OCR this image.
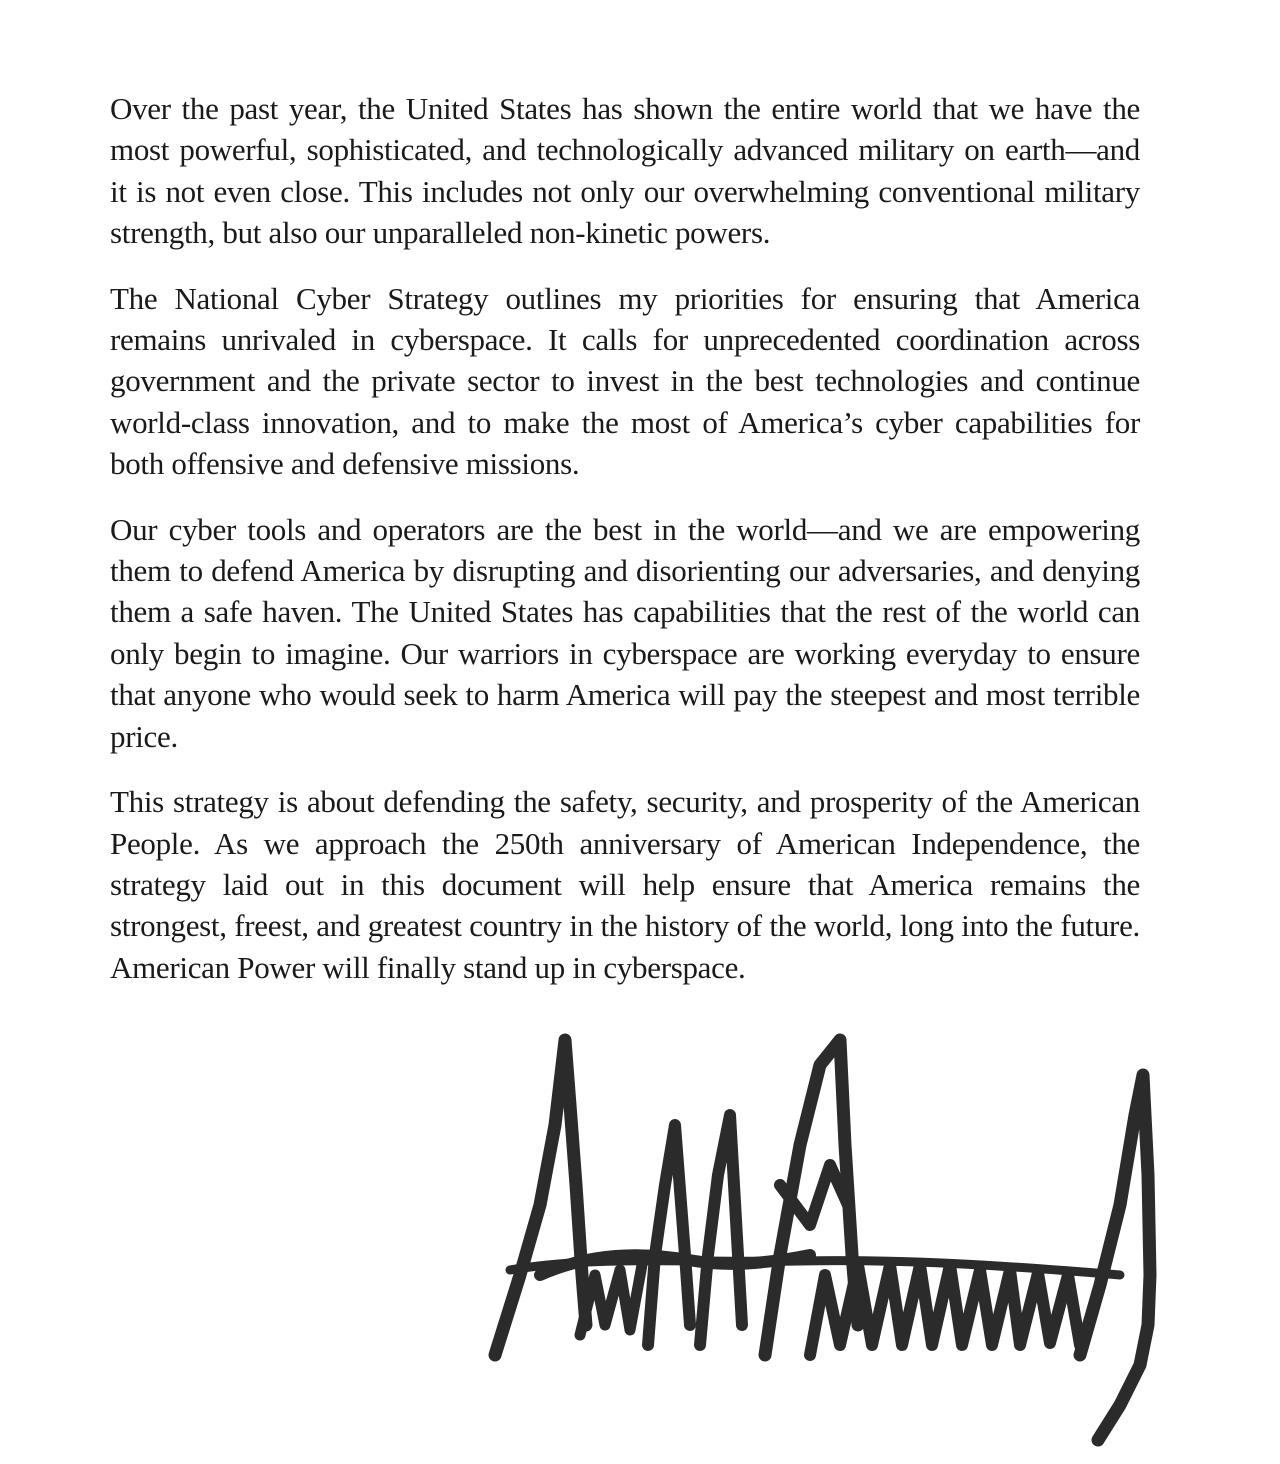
Over the past year, the United States has shown the entire world that we have the most powerful, sophisticated, and technologically advanced military on earth—and it is not even close. This includes not only our overwhelming conventional military strength, but also our unparalleled non-kinetic powers.

The National Cyber Strategy outlines my priorities for ensuring that America remains unrivaled in cyberspace. It calls for unprecedented coordination across government and the private sector to invest in the best technologies and continue world-class innovation, and to make the most of America’s cyber capabilities for both offensive and defensive missions.

Our cyber tools and operators are the best in the world—and we are empowering them to defend America by disrupting and disorienting our adversaries, and denying them a safe haven. The United States has capabilities that the rest of the world can only begin to imagine. Our warriors in cyberspace are working everyday to ensure that anyone who would seek to harm America will pay the steepest and most terrible price.

This strategy is about defending the safety, security, and prosperity of the American People. As we approach the 250th anniversary of American Independence, the strategy laid out in this document will help ensure that America remains the strongest, freest, and greatest country in the history of the world, long into the future. American Power will finally stand up in cyberspace.
